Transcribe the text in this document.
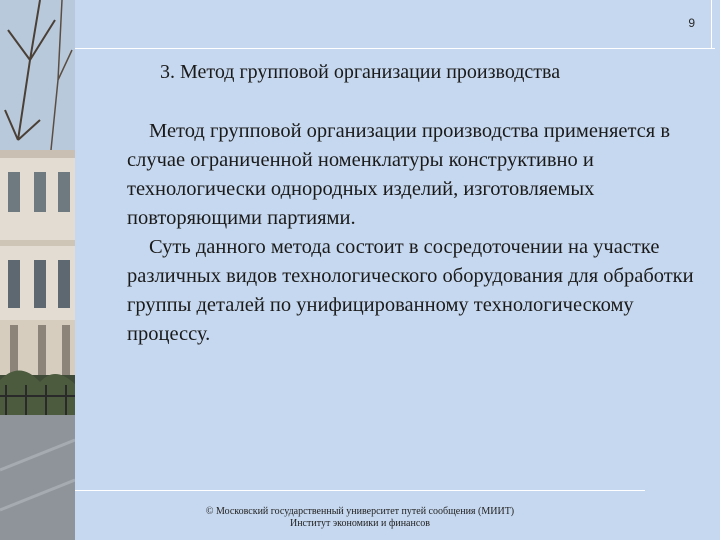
9
3. Метод групповой организации производства

Метод групповой организации производства применяется в случае ограниченной номенклатуры конструктивно и технологически однородных изделий, изготовляемых повторяющими партиями.

Суть данного метода состоит в сосредоточении на участке различных видов технологического оборудования для обработки группы деталей по унифицированному технологическому процессу.

© Московский государственный университет путей сообщения (МИИТ)
Институт экономики и финансов
